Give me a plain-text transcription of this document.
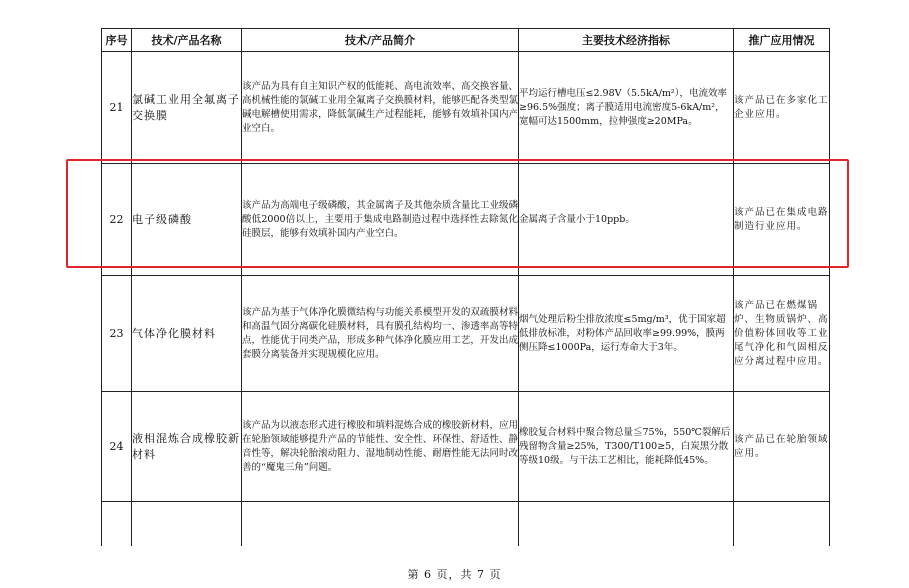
序号	技术/产品名称	技术/产品简介	主要技术经济指标	推广应用情况
21	氯碱工业用全氟离子交换膜	该产品为具有自主知识产权的低能耗、高电流效率、高交换容量、高机械性能的氯碱工业用全氟离子交换膜材料，能够匹配各类型氯碱电解槽使用需求，降低氯碱生产过程能耗，能够有效填补国内产业空白。	平均运行槽电压≤2.98V（5.5kA/m²），电流效率≥96.5%强度；离子膜适用电流密度5-6kA/m²，宽幅可达1500mm，拉伸强度≥20MPa。	该产品已在多家化工企业应用。
22	电子级磷酸	该产品为高端电子级磷酸，其金属离子及其他杂质含量比工业级磷酸低2000倍以上，主要用于集成电路制造过程中选择性去除氮化硅膜层，能够有效填补国内产业空白。	金属离子含量小于10ppb。	该产品已在集成电路制造行业应用。
23	气体净化膜材料	该产品为基于气体净化膜微结构与功能关系模型开发的双疏膜材料和高温气固分离碳化硅膜材料，具有膜孔结构均一、渗透率高等特点，性能优于同类产品，形成多种气体净化膜应用工艺，开发出成套膜分离装备并实现规模化应用。	烟气处理后粉尘排放浓度≤5mg/m³，优于国家超低排放标准，对粉体产品回收率≥99.99%，膜两侧压降≤1000Pa，运行寿命大于3年。	该产品已在燃煤锅炉、生物质锅炉、高价值粉体回收等工业尾气净化和气固相反应分离过程中应用。
24	液相混炼合成橡胶新材料	该产品为以液态形式进行橡胶和填料混炼合成的橡胶新材料，应用在轮胎领域能够提升产品的节能性、安全性、环保性、舒适性、静音性等，解决轮胎滚动阻力、湿地制动性能、耐磨性能无法同时改善的“魔鬼三角”问题。	橡胶复合材料中聚合物总量≦75%，550℃裂解后残留物含量≥25%，T300/T100≥5，白炭黑分散等级10级。与干法工艺相比，能耗降低45%。	该产品已在轮胎领域应用。

第 6 页，共 7 页
